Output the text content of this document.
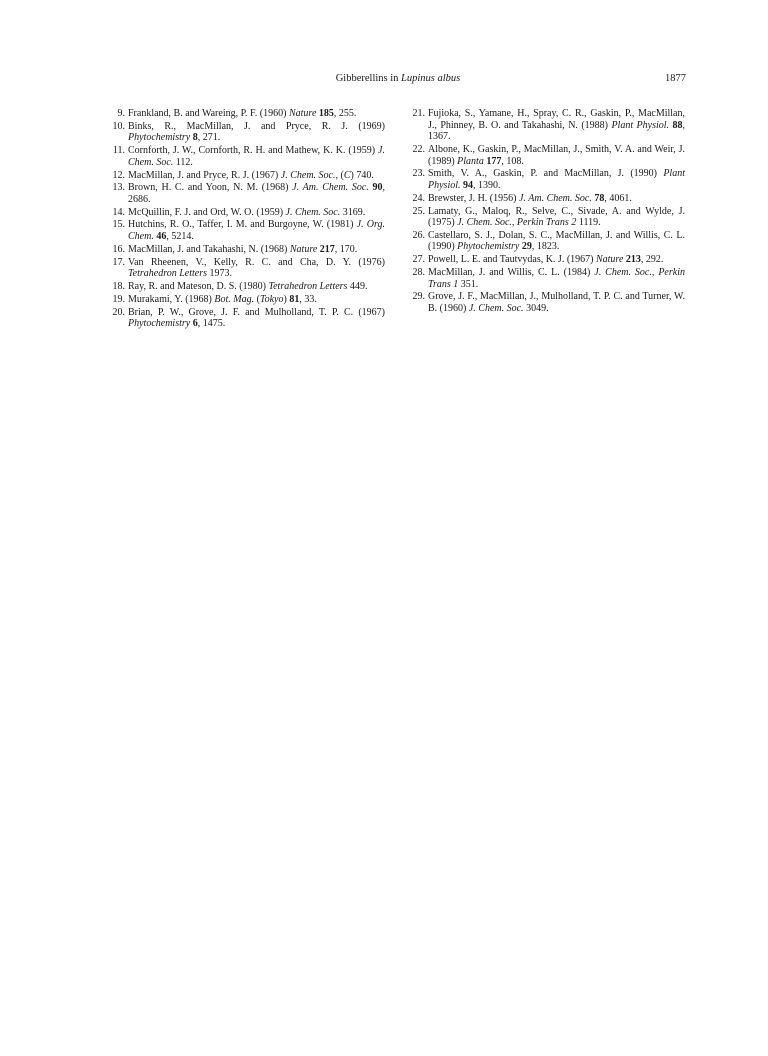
Gibberellins in Lupinus albus	1877
9. Frankland, B. and Wareing, P. F. (1960) Nature 185, 255.
10. Binks, R., MacMillan, J. and Pryce, R. J. (1969) Phytochemistry 8, 271.
11. Cornforth, J. W., Cornforth, R. H. and Mathew, K. K. (1959) J. Chem. Soc. 112.
12. MacMillan, J. and Pryce, R. J. (1967) J. Chem. Soc., (C) 740.
13. Brown, H. C. and Yoon, N. M. (1968) J. Am. Chem. Soc. 90, 2686.
14. McQuillin, F. J. and Ord, W. O. (1959) J. Chem. Soc. 3169.
15. Hutchins, R. O., Taffer, I. M. and Burgoyne, W. (1981) J. Org. Chem. 46, 5214.
16. MacMillan, J. and Takahashi, N. (1968) Nature 217, 170.
17. Van Rheenen, V., Kelly, R. C. and Cha, D. Y. (1976) Tetrahedron Letters 1973.
18. Ray, R. and Mateson, D. S. (1980) Tetrahedron Letters 449.
19. Murakami, Y. (1968) Bot. Mag. (Tokyo) 81, 33.
20. Brian, P. W., Grove, J. F. and Mulholland, T. P. C. (1967) Phytochemistry 6, 1475.
21. Fujioka, S., Yamane, H., Spray, C. R., Gaskin, P., MacMillan, J., Phinney, B. O. and Takahashi, N. (1988) Plant Physiol. 88, 1367.
22. Albone, K., Gaskin, P., MacMillan, J., Smith, V. A. and Weir, J. (1989) Planta 177, 108.
23. Smith, V. A., Gaskin, P. and MacMillan, J. (1990) Plant Physiol. 94, 1390.
24. Brewster, J. H. (1956) J. Am. Chem. Soc. 78, 4061.
25. Lamaty, G., Maloq, R., Selve, C., Sivade, A. and Wylde, J. (1975) J. Chem. Soc., Perkin Trans 2 1119.
26. Castellaro, S. J., Dolan, S. C., MacMillan, J. and Willis, C. L. (1990) Phytochemistry 29, 1823.
27. Powell, L. E. and Tautvydas, K. J. (1967) Nature 213, 292.
28. MacMillan, J. and Willis, C. L. (1984) J. Chem. Soc., Perkin Trans 1 351.
29. Grove, J. F., MacMillan, J., Mulholland, T. P. C. and Turner, W. B. (1960) J. Chem. Soc. 3049.
